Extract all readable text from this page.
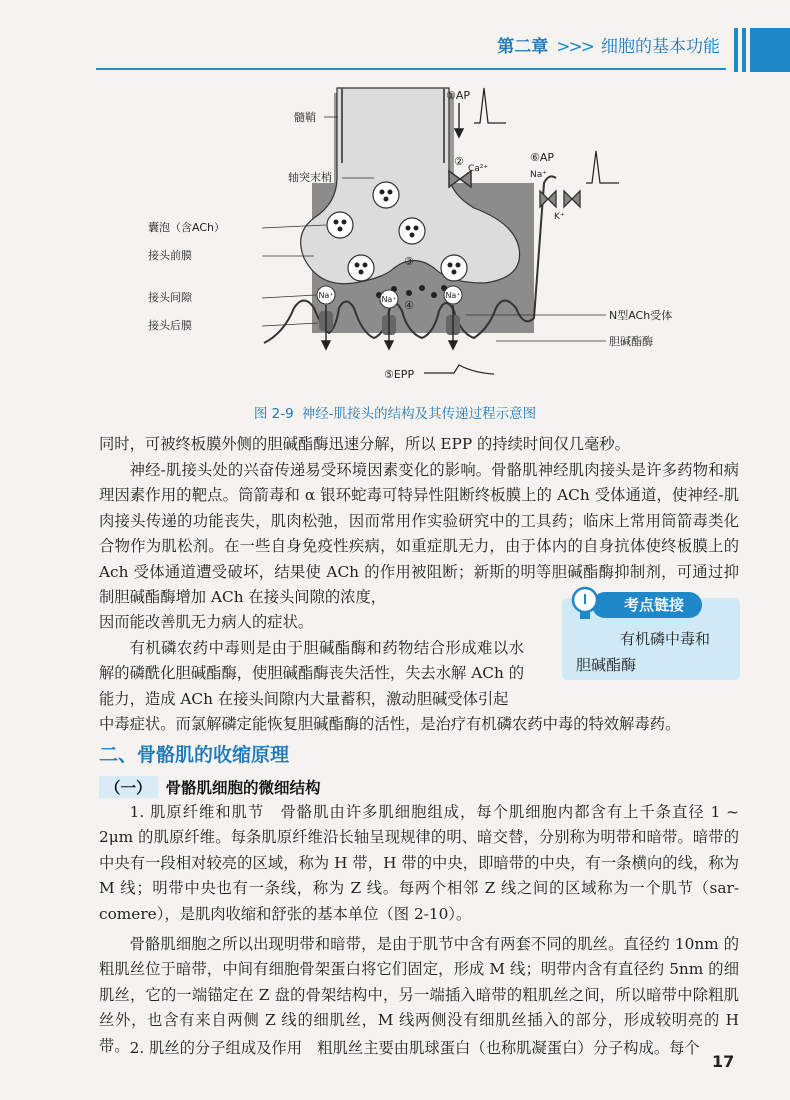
第二章 >>> 细胞的基本功能
Na⁺	Na⁺	Na⁺
髓鞘
轴突末梢
囊泡（含ACh）
接头前膜
接头间隙
接头后膜
①AP
②
Ca²⁺
③
④
⑤EPP
⑥AP
Na⁺
K⁺
N型ACh受体
胆碱酯酶
图 2-9 神经-肌接头的结构及其传递过程示意图
同时，可被终板膜外侧的胆碱酯酶迅速分解，所以 EPP 的持续时间仅几毫秒。
神经-肌接头处的兴奋传递易受环境因素变化的影响。骨骼肌神经肌肉接头是许多药物和病理因素作用的靶点。筒箭毒和 α 银环蛇毒可特异性阻断终板膜上的 ACh 受体通道，使神经-肌肉接头传递的功能丧失，肌肉松弛，因而常用作实验研究中的工具药；临床上常用筒箭毒类化合物作为肌松剂。在一些自身免疫性疾病，如重症肌无力，由于体内的自身抗体使终板膜上的 Ach 受体通道遭受破坏，结果使 ACh 的作用被阻断；新斯的明等胆碱酯酶抑制剂，可通过抑制胆碱酯酶增加 ACh 在接头间隙的浓度，
因而能改善肌无力病人的症状。
有机磷农药中毒则是由于胆碱酯酶和药物结合形成难以水解的磷酰化胆碱酯酶，使胆碱酯酶丧失活性，失去水解 ACh 的能力，造成 ACh 在接头间隙内大量蓄积，激动胆碱受体引起
中毒症状。而氯解磷定能恢复胆碱酯酶的活性，是治疗有机磷农药中毒的特效解毒药。
考点链接
有机磷中毒和
胆碱酯酶
二、骨骼肌的收缩原理
（一） 骨骼肌细胞的微细结构
1. 肌原纤维和肌节　骨骼肌由许多肌细胞组成，每个肌细胞内都含有上千条直径 1 ~ 2μm 的肌原纤维。每条肌原纤维沿长轴呈现规律的明、暗交替，分别称为明带和暗带。暗带的中央有一段相对较亮的区域，称为 H 带，H 带的中央，即暗带的中央，有一条横向的线，称为 M 线；明带中央也有一条线，称为 Z 线。每两个相邻 Z 线之间的区域称为一个肌节（sar-comere），是肌肉收缩和舒张的基本单位（图 2-10）。
骨骼肌细胞之所以出现明带和暗带，是由于肌节中含有两套不同的肌丝。直径约 10nm 的粗肌丝位于暗带，中间有细胞骨架蛋白将它们固定，形成 M 线；明带内含有直径约 5nm 的细肌丝，它的一端锚定在 Z 盘的骨架结构中，另一端插入暗带的粗肌丝之间，所以暗带中除粗肌丝外，也含有来自两侧 Z 线的细肌丝，M 线两侧没有细肌丝插入的部分，形成较明亮的 H 带。 2. 肌丝的分子组成及作用　粗肌丝主要由肌球蛋白（也称肌凝蛋白）分子构成。每个
17
